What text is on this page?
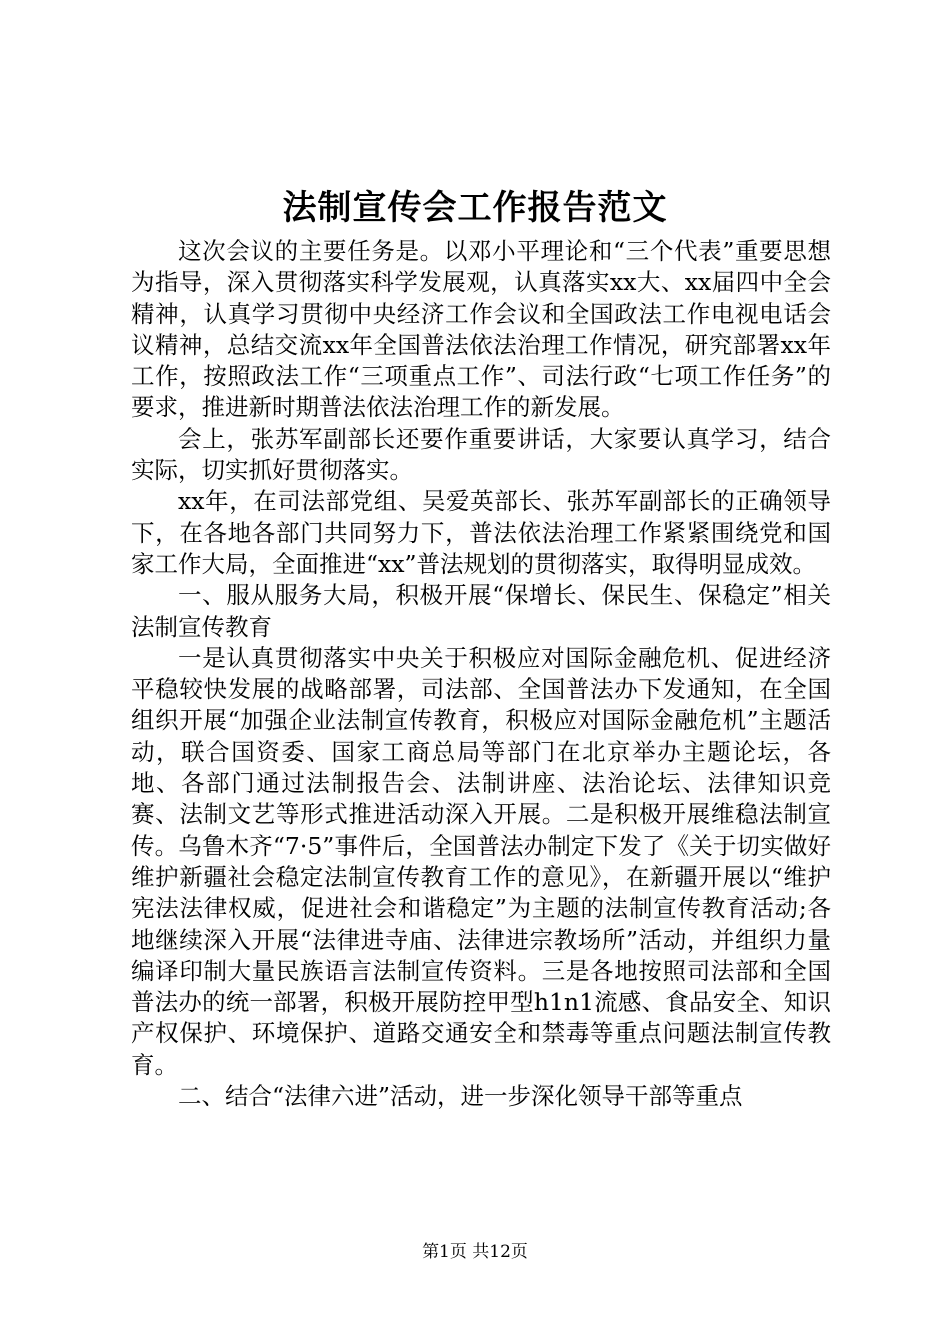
法制宣传会工作报告范文

这次会议的主要任务是。以邓小平理论和“三个代表”重要思想为指导，深入贯彻落实科学发展观，认真落实xx大、xx届四中全会精神，认真学习贯彻中央经济工作会议和全国政法工作电视电话会议精神，总结交流xx年全国普法依法治理工作情况，研究部署xx年工作，按照政法工作“三项重点工作”、司法行政“七项工作任务”的要求，推进新时期普法依法治理工作的新发展。

会上，张苏军副部长还要作重要讲话，大家要认真学习，结合实际，切实抓好贯彻落实。

xx年，在司法部党组、吴爱英部长、张苏军副部长的正确领导下，在各地各部门共同努力下，普法依法治理工作紧紧围绕党和国家工作大局，全面推进“xx”普法规划的贯彻落实，取得明显成效。

一、服从服务大局，积极开展“保增长、保民生、保稳定”相关法制宣传教育

一是认真贯彻落实中央关于积极应对国际金融危机、促进经济平稳较快发展的战略部署，司法部、全国普法办下发通知，在全国组织开展“加强企业法制宣传教育，积极应对国际金融危机”主题活动，联合国资委、国家工商总局等部门在北京举办主题论坛，各地、各部门通过法制报告会、法制讲座、法治论坛、法律知识竞赛、法制文艺等形式推进活动深入开展。二是积极开展维稳法制宣传。乌鲁木齐“7·5”事件后，全国普法办制定下发了《关于切实做好维护新疆社会稳定法制宣传教育工作的意见》，在新疆开展以“维护宪法法律权威，促进社会和谐稳定”为主题的法制宣传教育活动;各地继续深入开展“法律进寺庙、法律进宗教场所”活动，并组织力量编译印制大量民族语言法制宣传资料。三是各地按照司法部和全国普法办的统一部署，积极开展防控甲型h1n1流感、食品安全、知识产权保护、环境保护、道路交通安全和禁毒等重点问题法制宣传教育。

二、结合“法律六进”活动，进一步深化领导干部等重点

第1页 共12页
